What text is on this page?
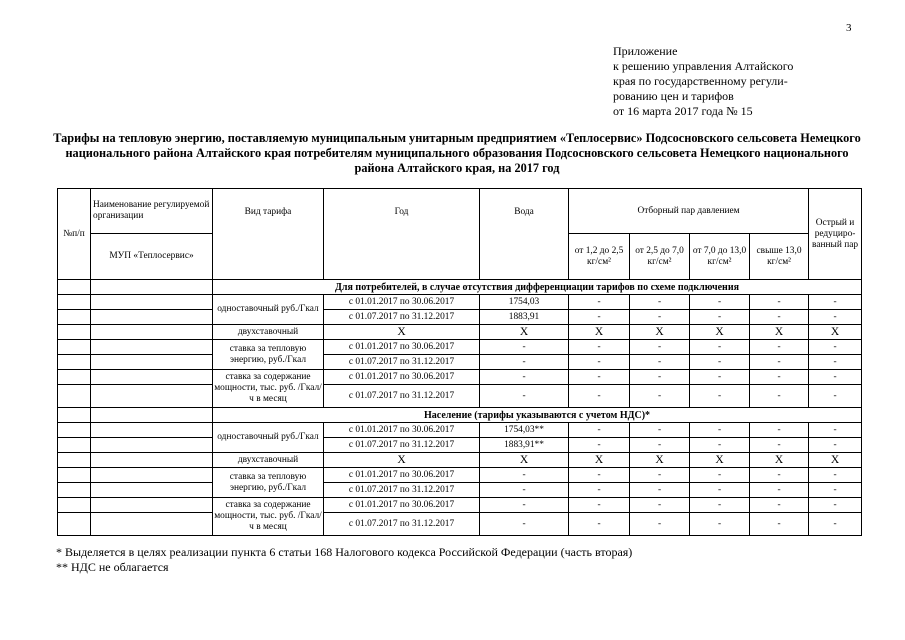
3
Приложение
к решению управления Алтайского
края по государственному регули-
рованию цен и тарифов
от 16 марта 2017 года № 15
Тарифы на тепловую энергию, поставляемую муниципальным унитарным предприятием «Теплосервис» Подсосновского сельсовета Немецкого национального района Алтайского края потребителям муниципального образования Подсосновского сельсовета Немецкого национального района Алтайского края, на 2017 год
№п/п	Наименование регулируемой организации	Вид тарифа	Год	Вода	Отборный пар давлением				Острый и редуциро-ванный пар
	МУП «Теплосервис»				от 1,2 до 2,5 кг/см²	от 2,5 до 7,0 кг/см²	от 7,0 до 13,0 кг/см²	свыше 13,0 кг/см²	
		Для потребителей, в случае отсутствия дифференциации тарифов по схеме подключения							
		одноставочный руб./Гкал	с 01.01.2017 по 30.06.2017	1754,03	-	-	-	-	-
			с 01.07.2017 по 31.12.2017	1883,91	-	-	-	-	-
		двухставочный	Х	Х	Х	Х	Х	Х	Х
		ставка за тепловую энергию, руб./Гкал	с 01.01.2017 по 30.06.2017	-	-	-	-	-	-
			с 01.07.2017 по 31.12.2017	-	-	-	-	-	-
		ставка за содержание мощности, тыс. руб. /Гкал/ч в месяц	с 01.01.2017 по 30.06.2017	-	-	-	-	-	-
			с 01.07.2017 по 31.12.2017	-	-	-	-	-	-
		Население (тарифы указываются с учетом НДС)*							
		одноставочный руб./Гкал	с 01.01.2017 по 30.06.2017	1754,03**	-	-	-	-	-
			с 01.07.2017 по 31.12.2017	1883,91**	-	-	-	-	-
		двухставочный	Х	Х	Х	Х	Х	Х	Х
		ставка за тепловую энергию, руб./Гкал	с 01.01.2017 по 30.06.2017	-	-	-	-	-	-
			с 01.07.2017 по 31.12.2017	-	-	-	-	-	-
		ставка за содержание мощности, тыс. руб. /Гкал/ч в месяц	с 01.01.2017 по 30.06.2017	-	-	-	-	-	-
			с 01.07.2017 по 31.12.2017	-	-	-	-	-	-
* Выделяется в целях реализации пункта 6 статьи 168 Налогового кодекса Российской Федерации (часть вторая)
** НДС не облагается
